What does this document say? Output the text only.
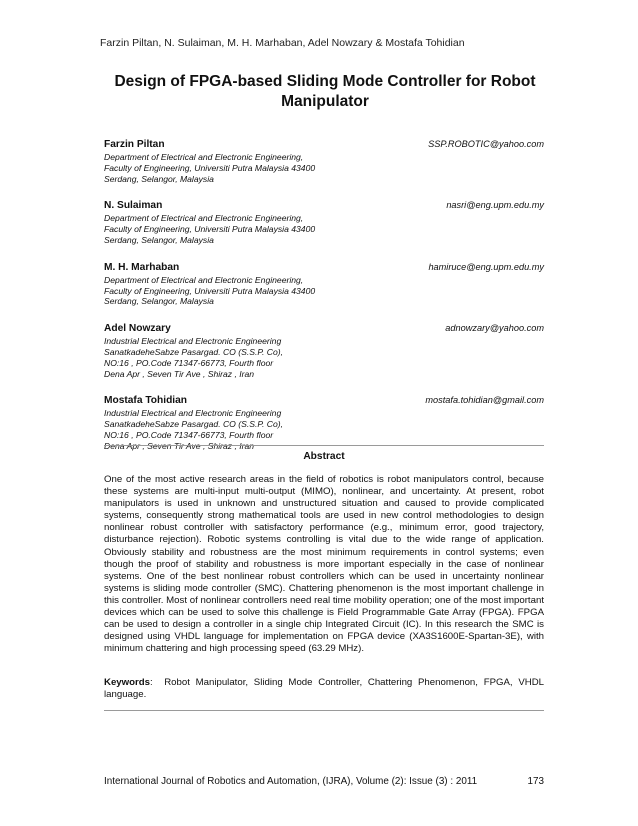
Farzin Piltan, N. Sulaiman, M. H. Marhaban, Adel Nowzary & Mostafa Tohidian
Design of FPGA-based Sliding Mode Controller for Robot Manipulator
Farzin Piltan	SSP.ROBOTIC@yahoo.com
Department of Electrical and Electronic Engineering,
Faculty of Engineering, Universiti Putra Malaysia 43400
Serdang, Selangor, Malaysia
N. Sulaiman	nasri@eng.upm.edu.my
Department of Electrical and Electronic Engineering,
Faculty of Engineering, Universiti Putra Malaysia 43400
Serdang, Selangor, Malaysia
M. H. Marhaban	hamiruce@eng.upm.edu.my
Department of Electrical and Electronic Engineering,
Faculty of Engineering, Universiti Putra Malaysia 43400
Serdang, Selangor, Malaysia
Adel Nowzary	adnowzary@yahoo.com
Industrial Electrical and Electronic Engineering
SanatkadeheSabze Pasargad. CO (S.S.P. Co),
NO:16 , PO.Code 71347-66773, Fourth floor
Dena Apr , Seven Tir Ave , Shiraz , Iran
Mostafa Tohidian	mostafa.tohidian@gmail.com
Industrial Electrical and Electronic Engineering
SanatkadeheSabze Pasargad. CO (S.S.P. Co),
NO:16 , PO.Code 71347-66773, Fourth floor
Dena Apr , Seven Tir Ave , Shiraz , Iran
Abstract
One of the most active research areas in the field of robotics is robot manipulators control, because these systems are multi-input multi-output (MIMO), nonlinear, and uncertainty. At present, robot manipulators is used in unknown and unstructured situation and caused to provide complicated systems, consequently strong mathematical tools are used in new control methodologies to design nonlinear robust controller with satisfactory performance (e.g., minimum error, good trajectory, disturbance rejection). Robotic systems controlling is vital due to the wide range of application. Obviously stability and robustness are the most minimum requirements in control systems; even though the proof of stability and robustness is more important especially in the case of nonlinear systems. One of the best nonlinear robust controllers which can be used in uncertainty nonlinear systems is sliding mode controller (SMC). Chattering phenomenon is the most important challenge in this controller. Most of nonlinear controllers need real time mobility operation; one of the most important devices which can be used to solve this challenge is Field Programmable Gate Array (FPGA). FPGA can be used to design a controller in a single chip Integrated Circuit (IC). In this research the SMC is designed using VHDL language for implementation on FPGA device (XA3S1600E-Spartan-3E), with minimum chattering and high processing speed (63.29 MHz).
Keywords:  Robot Manipulator, Sliding Mode Controller, Chattering Phenomenon, FPGA, VHDL language.
International Journal of Robotics and Automation, (IJRA), Volume (2): Issue (3) : 2011	173
